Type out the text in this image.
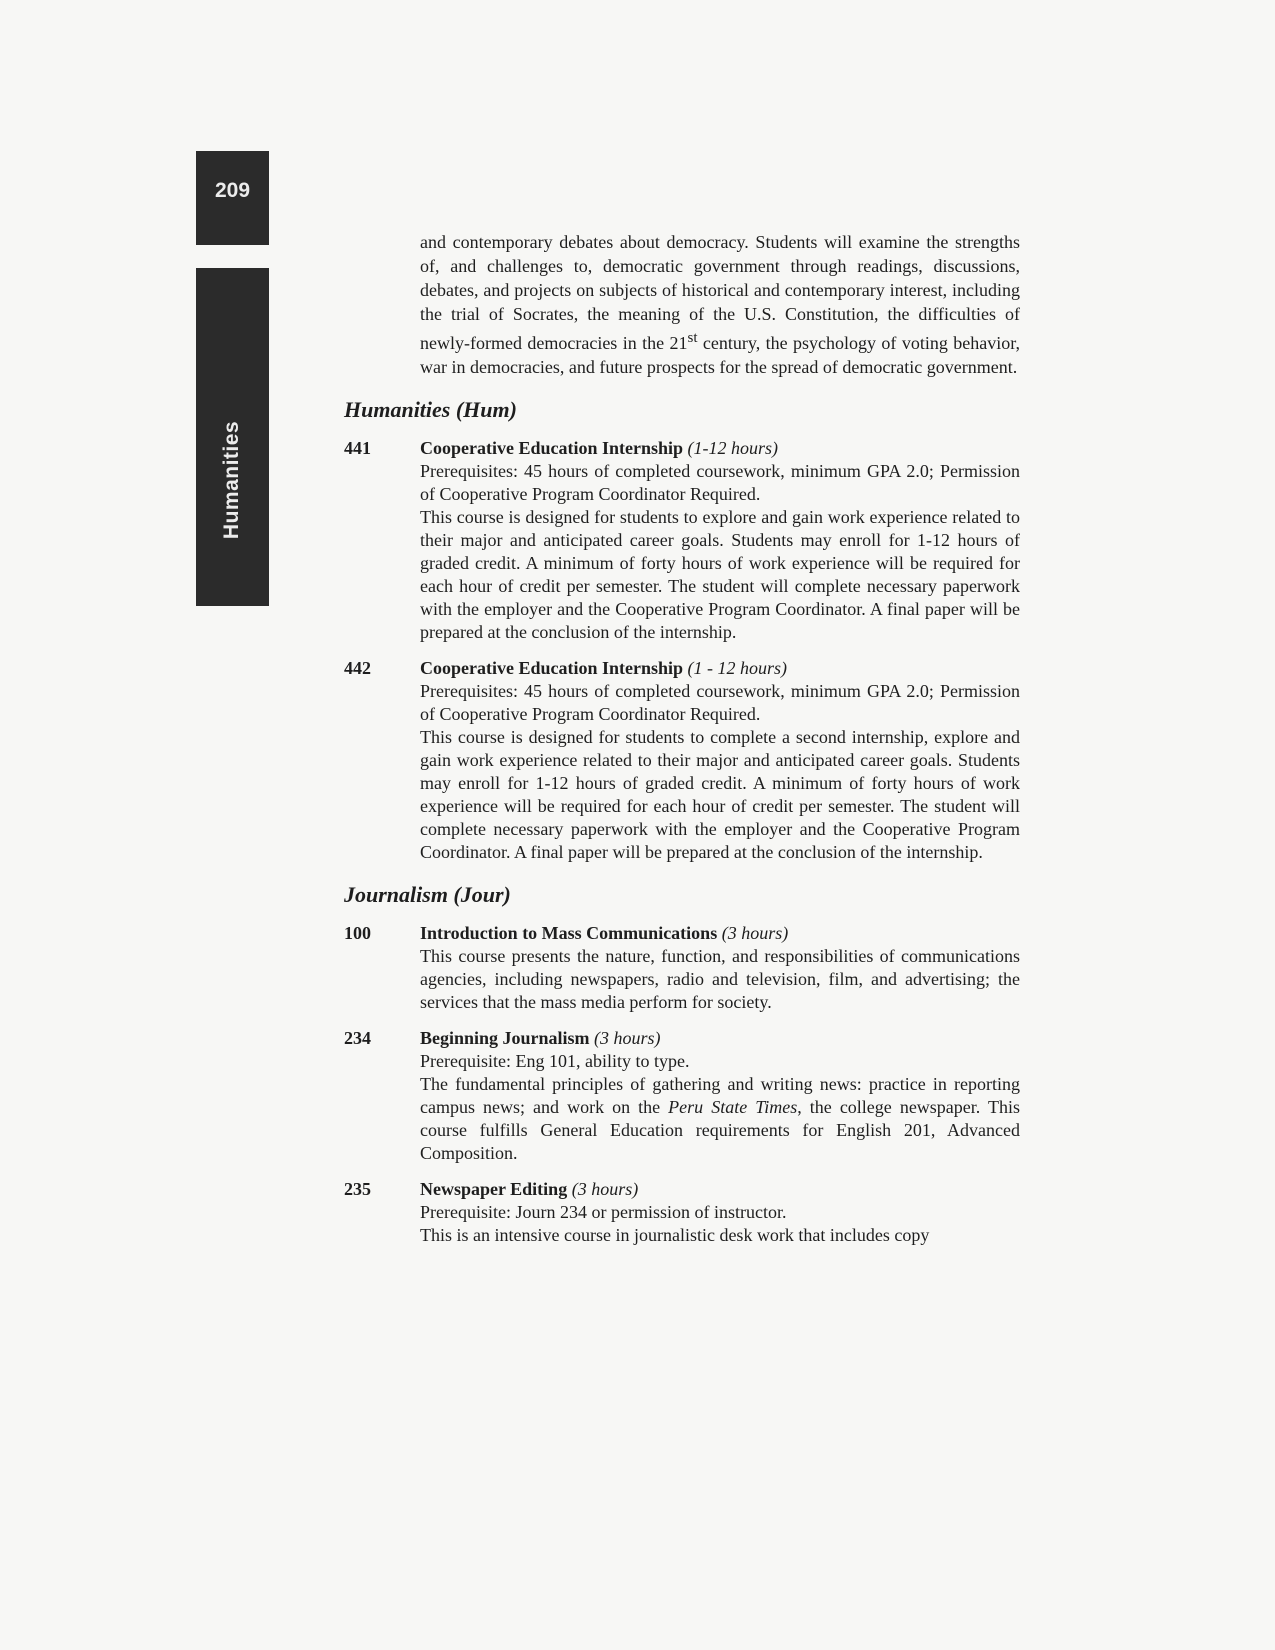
209
Humanities

and contemporary debates about democracy. Students will examine the strengths of, and challenges to, democratic government through readings, discussions, debates, and projects on subjects of historical and contemporary interest, including the trial of Socrates, the meaning of the U.S. Constitution, the difficulties of newly-formed democracies in the 21st century, the psychology of voting behavior, war in democracies, and future prospects for the spread of democratic government.

Humanities (Hum)
441	Cooperative Education Internship (1-12 hours)

Prerequisites: 45 hours of completed coursework, minimum GPA 2.0; Permission of Cooperative Program Coordinator Required.

This course is designed for students to explore and gain work experience related to their major and anticipated career goals. Students may enroll for 1-12 hours of graded credit. A minimum of forty hours of work experience will be required for each hour of credit per semester. The student will complete necessary paperwork with the employer and the Cooperative Program Coordinator. A final paper will be prepared at the conclusion of the internship.

442	Cooperative Education Internship (1 - 12 hours)

Prerequisites: 45 hours of completed coursework, minimum GPA 2.0; Permission of Cooperative Program Coordinator Required.

This course is designed for students to complete a second internship, explore and gain work experience related to their major and anticipated career goals. Students may enroll for 1-12 hours of graded credit. A minimum of forty hours of work experience will be required for each hour of credit per semester. The student will complete necessary paperwork with the employer and the Cooperative Program Coordinator. A final paper will be prepared at the conclusion of the internship.

Journalism (Jour)
100	Introduction to Mass Communications (3 hours)

This course presents the nature, function, and responsibilities of communications agencies, including newspapers, radio and television, film, and advertising; the services that the mass media perform for society.

234	Beginning Journalism (3 hours)

Prerequisite: Eng 101, ability to type.

The fundamental principles of gathering and writing news: practice in reporting campus news; and work on the Peru State Times, the college newspaper. This course fulfills General Education requirements for English 201, Advanced Composition.

235	Newspaper Editing (3 hours)

Prerequisite: Journ 234 or permission of instructor.

This is an intensive course in journalistic desk work that includes copy
